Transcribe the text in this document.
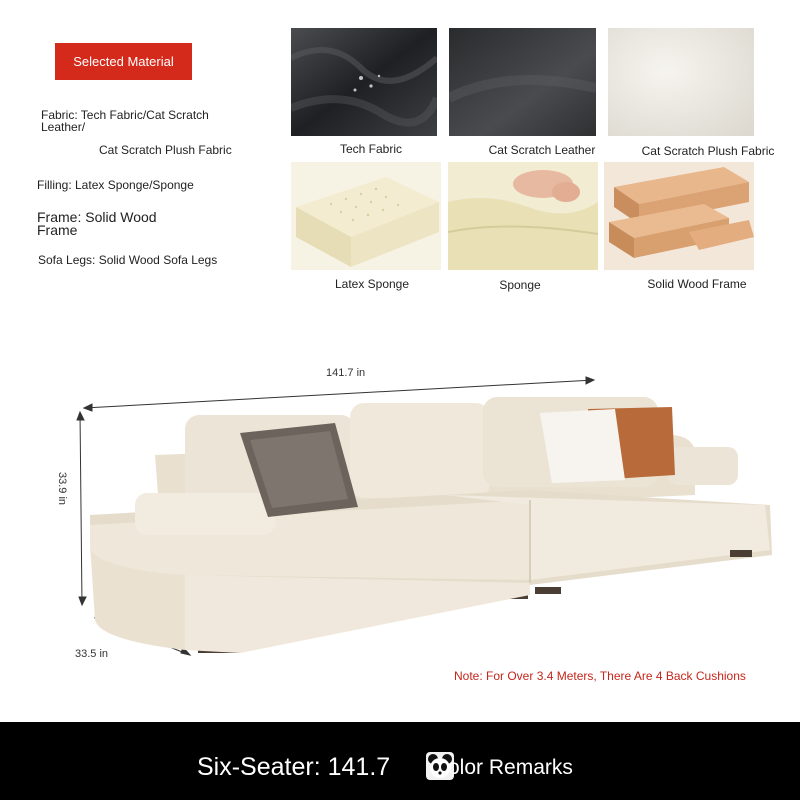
Selected Material
Fabric: Tech Fabric/Cat Scratch
Leather/
Cat Scratch Plush Fabric
Filling: Latex Sponge/Sponge
Frame: Solid Wood
Frame
Sofa Legs: Solid Wood Sofa Legs
Tech Fabric	Cat Scratch Leather	Cat Scratch Plush Fabric
Latex Sponge	Sponge	Solid Wood Frame
141.7 in
33.9 in
33.5 in
Note: For Over 3.4 Meters, There Are 4 Back Cushions
Six-Seater: 141.7	olor Remarks
